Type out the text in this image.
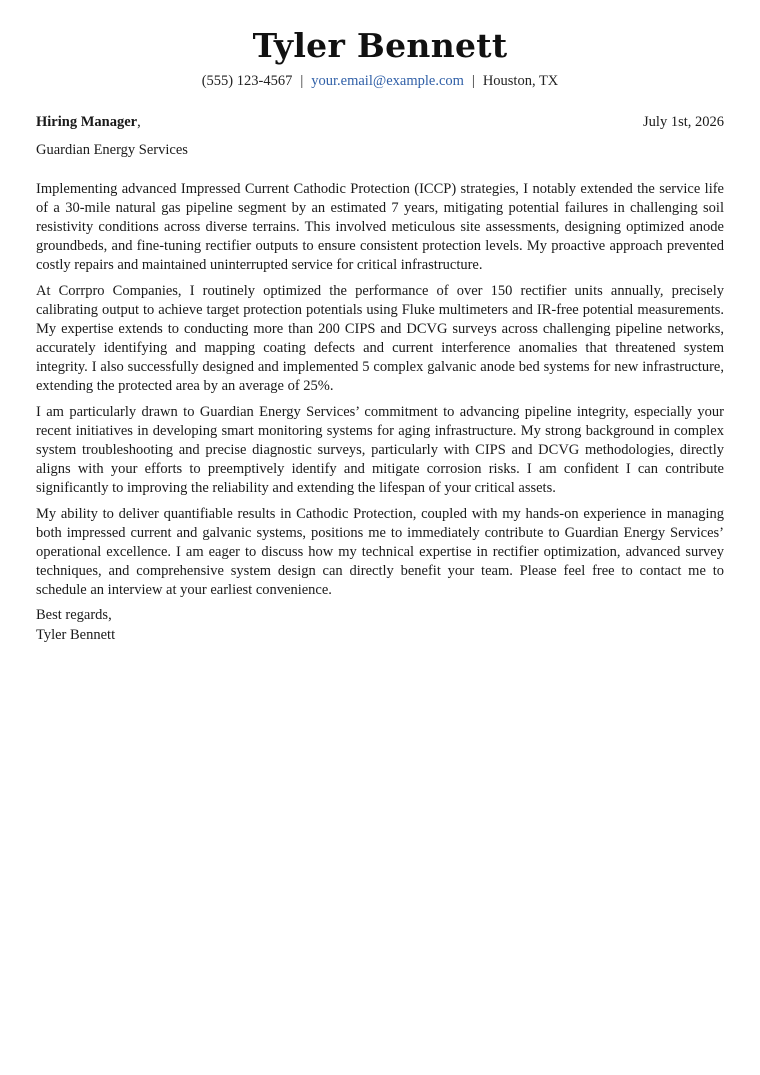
Tyler Bennett
(555) 123-4567 | your.email@example.com | Houston, TX
Hiring Manager,	July 1st, 2026
Guardian Energy Services

Implementing advanced Impressed Current Cathodic Protection (ICCP) strategies, I notably extended the service life of a 30-mile natural gas pipeline segment by an estimated 7 years, mitigating potential failures in challenging soil resistivity conditions across diverse terrains. This involved meticulous site assessments, designing optimized anode groundbeds, and fine-tuning rectifier outputs to ensure consistent protection levels. My proactive approach prevented costly repairs and maintained uninterrupted service for critical infrastructure.

At Corrpro Companies, I routinely optimized the performance of over 150 rectifier units annually, precisely calibrating output to achieve target protection potentials using Fluke multimeters and IR-free potential measurements. My expertise extends to conducting more than 200 CIPS and DCVG surveys across challenging pipeline networks, accurately identifying and mapping coating defects and current interference anomalies that threatened system integrity. I also successfully designed and implemented 5 complex galvanic anode bed systems for new infrastructure, extending the protected area by an average of 25%.

I am particularly drawn to Guardian Energy Services’ commitment to advancing pipeline integrity, especially your recent initiatives in developing smart monitoring systems for aging infrastructure. My strong background in complex system troubleshooting and precise diagnostic surveys, particularly with CIPS and DCVG methodologies, directly aligns with your efforts to preemptively identify and mitigate corrosion risks. I am confident I can contribute significantly to improving the reliability and extending the lifespan of your critical assets.

My ability to deliver quantifiable results in Cathodic Protection, coupled with my hands-on experience in managing both impressed current and galvanic systems, positions me to immediately contribute to Guardian Energy Services’ operational excellence. I am eager to discuss how my technical expertise in rectifier optimization, advanced survey techniques, and comprehensive system design can directly benefit your team. Please feel free to contact me to schedule an interview at your earliest convenience.

Best regards,
Tyler Bennett
